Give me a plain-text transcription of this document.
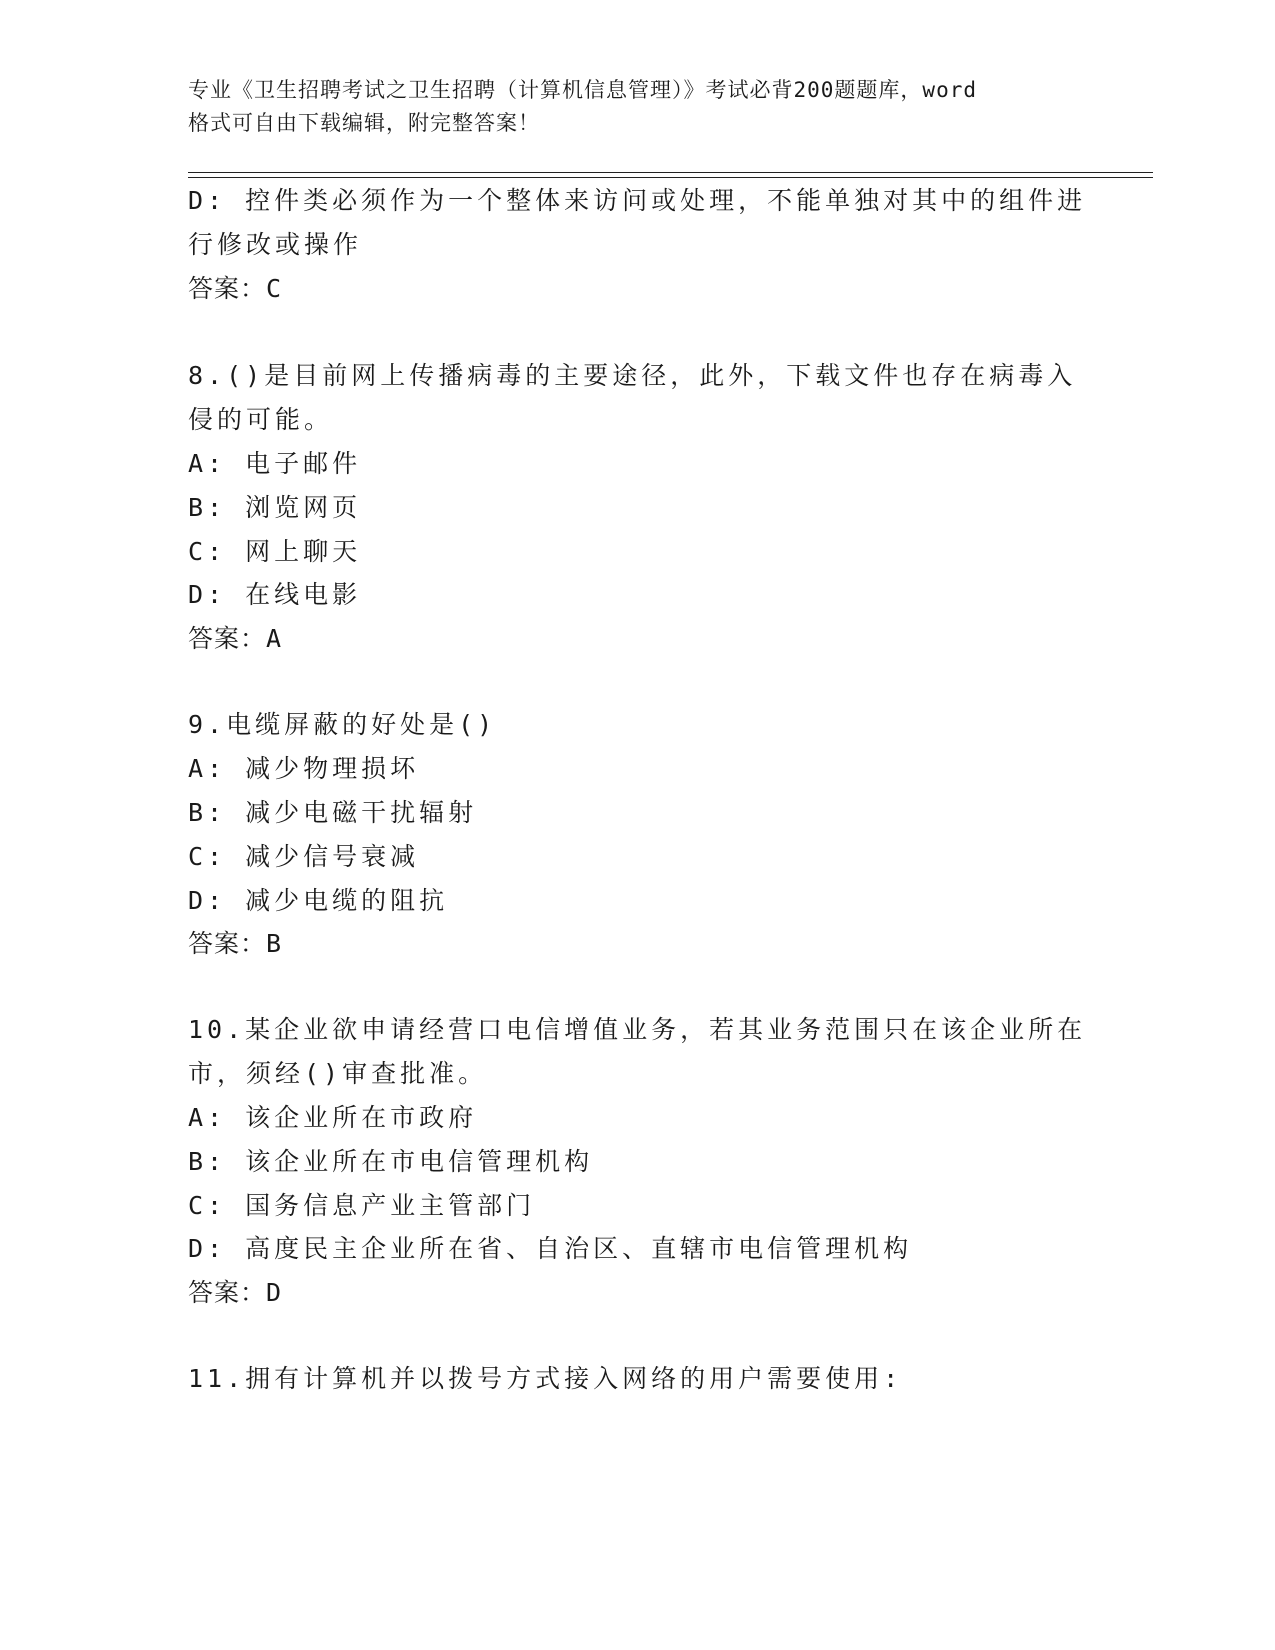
专业《卫生招聘考试之卫生招聘（计算机信息管理）》考试必背200题题库，word
格式可自由下载编辑，附完整答案！
D: 控件类必须作为一个整体来访问或处理，不能单独对其中的组件进
行修改或操作
答案：C
8.()是目前网上传播病毒的主要途径，此外，下载文件也存在病毒入
侵的可能。
A: 电子邮件
B: 浏览网页
C: 网上聊天
D: 在线电影
答案：A
9.电缆屏蔽的好处是()
A: 减少物理损坏
B: 减少电磁干扰辐射
C: 减少信号衰减
D: 减少电缆的阻抗
答案：B
10.某企业欲申请经营口电信增值业务，若其业务范围只在该企业所在
市，须经()审查批准。
A: 该企业所在市政府
B: 该企业所在市电信管理机构
C: 国务信息产业主管部门
D: 高度民主企业所在省、自治区、直辖市电信管理机构
答案：D
11.拥有计算机并以拨号方式接入网络的用户需要使用:
